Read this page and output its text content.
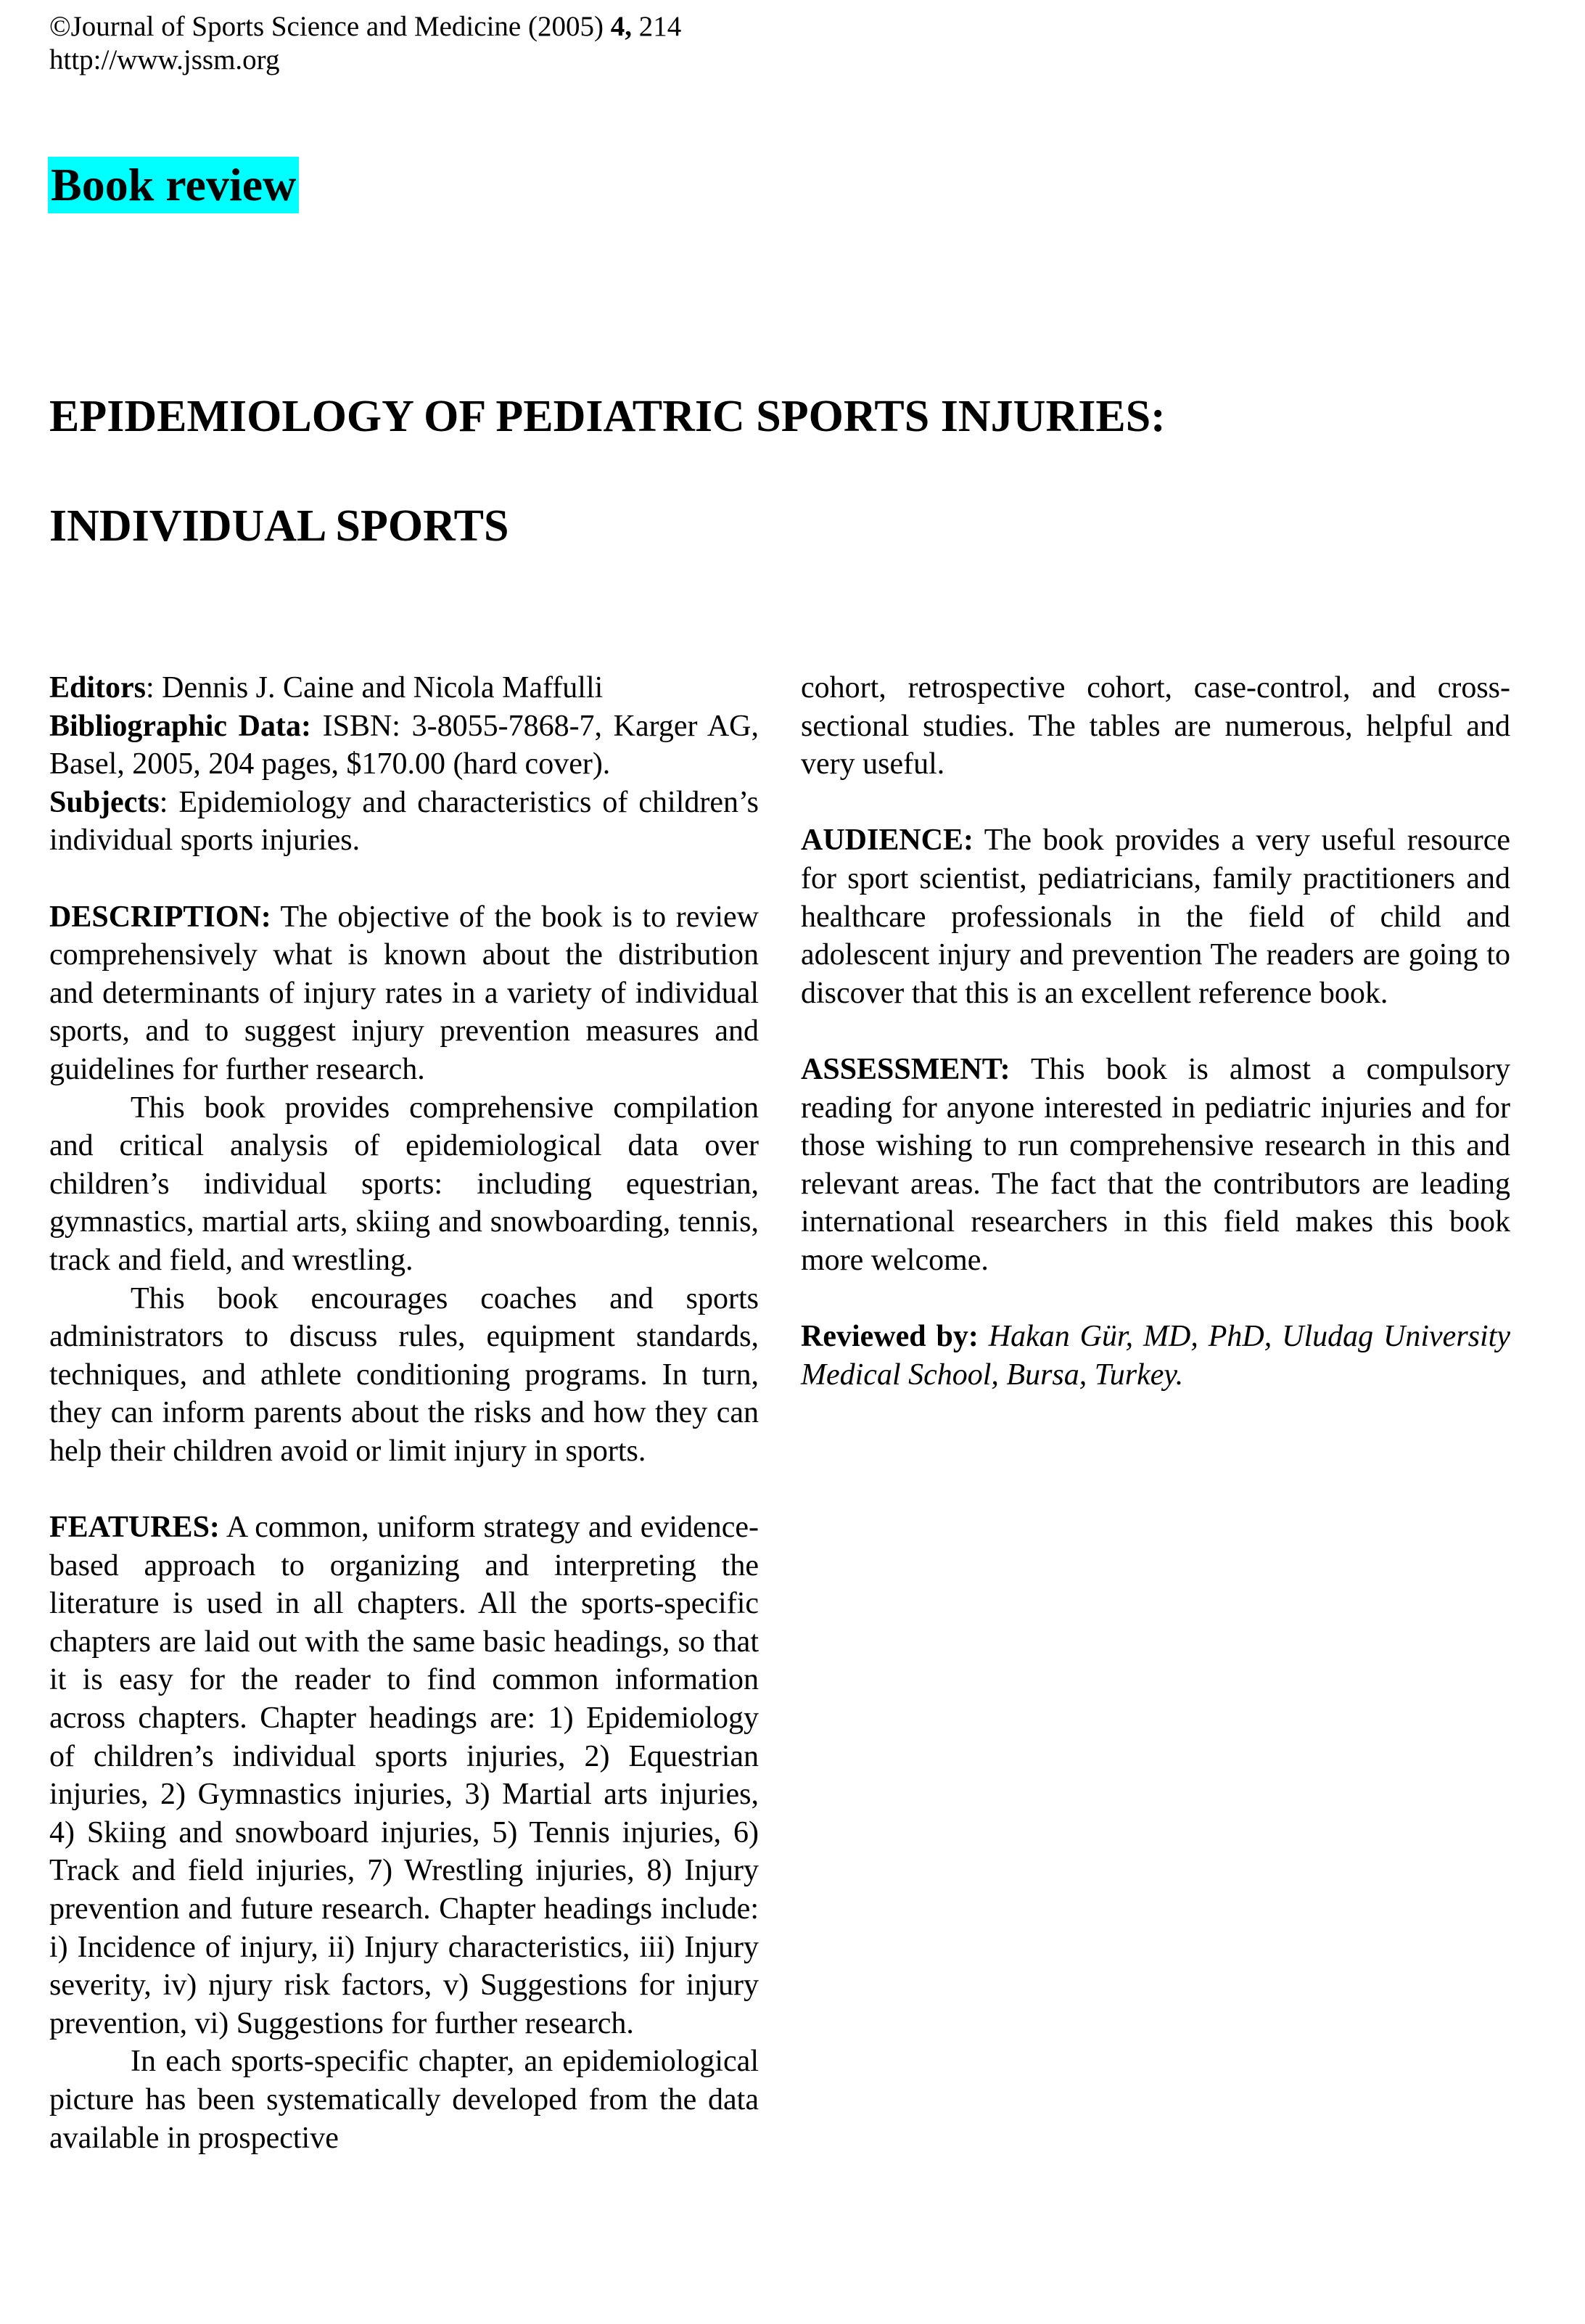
©Journal of Sports Science and Medicine (2005) 4, 214
http://www.jssm.org
Book review
EPIDEMIOLOGY OF PEDIATRIC SPORTS INJURIES:
INDIVIDUAL SPORTS

Editors: Dennis J. Caine and Nicola Maffulli

Bibliographic Data: ISBN: 3-8055-7868-7, Karger AG, Basel, 2005, 204 pages, $170.00 (hard cover).

Subjects: Epidemiology and characteristics of children’s individual sports injuries.

DESCRIPTION: The objective of the book is to review comprehensively what is known about the distribution and determinants of injury rates in a variety of individual sports, and to suggest injury prevention measures and guidelines for further research.

This book provides comprehensive compilation and critical analysis of epidemiological data over children’s individual sports: including equestrian, gymnastics, martial arts, skiing and snowboarding, tennis, track and field, and wrestling.

This book encourages coaches and sports administrators to discuss rules, equipment standards, techniques, and athlete conditioning programs. In turn, they can inform parents about the risks and how they can help their children avoid or limit injury in sports.

FEATURES: A common, uniform strategy and evidence-based approach to organizing and interpreting the literature is used in all chapters. All the sports-specific chapters are laid out with the same basic headings, so that it is easy for the reader to find common information across chapters. Chapter headings are: 1) Epidemiology of children’s individual sports injuries, 2) Equestrian injuries, 2) Gymnastics injuries, 3) Martial arts injuries, 4) Skiing and snowboard injuries, 5) Tennis injuries, 6) Track and field injuries, 7) Wrestling injuries, 8) Injury prevention and future research. Chapter headings include: i) Incidence of injury, ii) Injury characteristics, iii) Injury severity, iv) njury risk factors, v) Suggestions for injury prevention, vi) Suggestions for further research.

In each sports-specific chapter, an epidemiological picture has been systematically developed from the data available in prospective

cohort, retrospective cohort, case-control, and cross-sectional studies. The tables are numerous, helpful and very useful.

AUDIENCE: The book provides a very useful resource for sport scientist, pediatricians, family practitioners and healthcare professionals in the field of child and adolescent injury and prevention The readers are going to discover that this is an excellent reference book.

ASSESSMENT: This book is almost a compulsory reading for anyone interested in pediatric injuries and for those wishing to run comprehensive research in this and relevant areas. The fact that the contributors are leading international researchers in this field makes this book more welcome.

Reviewed by: Hakan Gür, MD, PhD, Uludag University Medical School, Bursa, Turkey.
